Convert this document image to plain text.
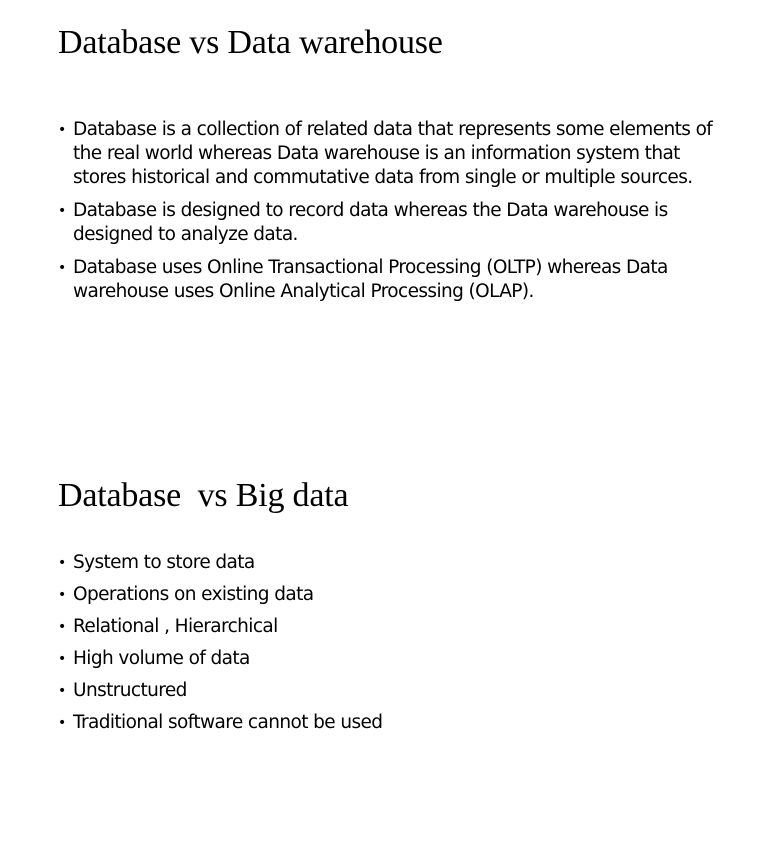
Database vs Data warehouse
• Database is a collection of related data that represents some elements of the real world whereas Data warehouse is an information system that stores historical and commutative data from single or multiple sources.
• Database is designed to record data whereas the Data warehouse is designed to analyze data.
• Database uses Online Transactional Processing (OLTP) whereas Data warehouse uses Online Analytical Processing (OLAP).
Database  vs Big data
• System to store data
• Operations on existing data
• Relational , Hierarchical
• High volume of data
• Unstructured
• Traditional software cannot be used
